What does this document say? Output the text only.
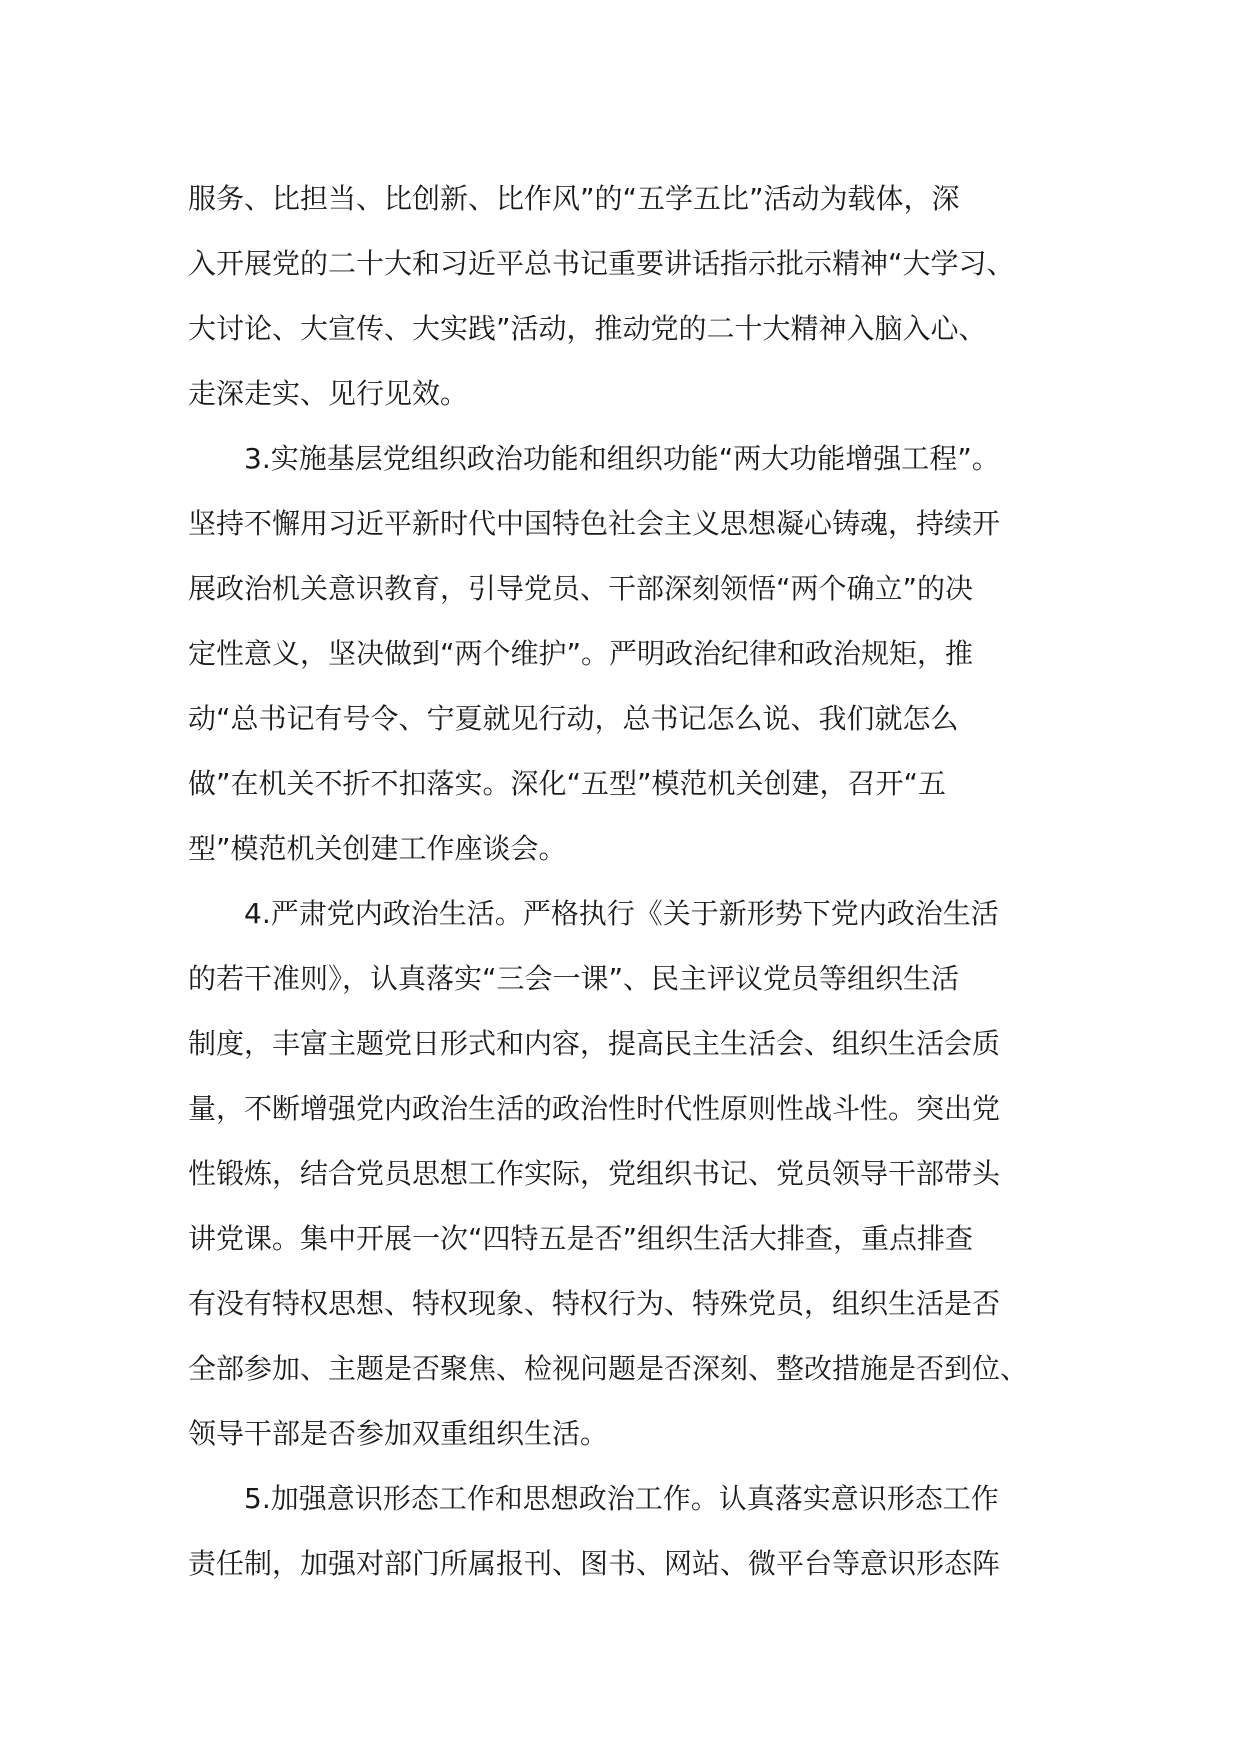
服务、比担当、比创新、比作风”的“五学五比”活动为载体，深
入开展党的二十大和习近平总书记重要讲话指示批示精神“大学习、
大讨论、大宣传、大实践”活动，推动党的二十大精神入脑入心、
走深走实、见行见效。

3.实施基层党组织政治功能和组织功能“两大功能增强工程”。
坚持不懈用习近平新时代中国特色社会主义思想凝心铸魂，持续开
展政治机关意识教育，引导党员、干部深刻领悟“两个确立”的决
定性意义，坚决做到“两个维护”。严明政治纪律和政治规矩，推
动“总书记有号令、宁夏就见行动，总书记怎么说、我们就怎么
做”在机关不折不扣落实。深化“五型”模范机关创建，召开“五
型”模范机关创建工作座谈会。

4.严肃党内政治生活。严格执行《关于新形势下党内政治生活
的若干准则》，认真落实“三会一课”、民主评议党员等组织生活
制度，丰富主题党日形式和内容，提高民主生活会、组织生活会质
量，不断增强党内政治生活的政治性时代性原则性战斗性。突出党
性锻炼，结合党员思想工作实际，党组织书记、党员领导干部带头
讲党课。集中开展一次“四特五是否”组织生活大排查，重点排查
有没有特权思想、特权现象、特权行为、特殊党员，组织生活是否
全部参加、主题是否聚焦、检视问题是否深刻、整改措施是否到位、
领导干部是否参加双重组织生活。

5.加强意识形态工作和思想政治工作。认真落实意识形态工作
责任制，加强对部门所属报刊、图书、网站、微平台等意识形态阵
